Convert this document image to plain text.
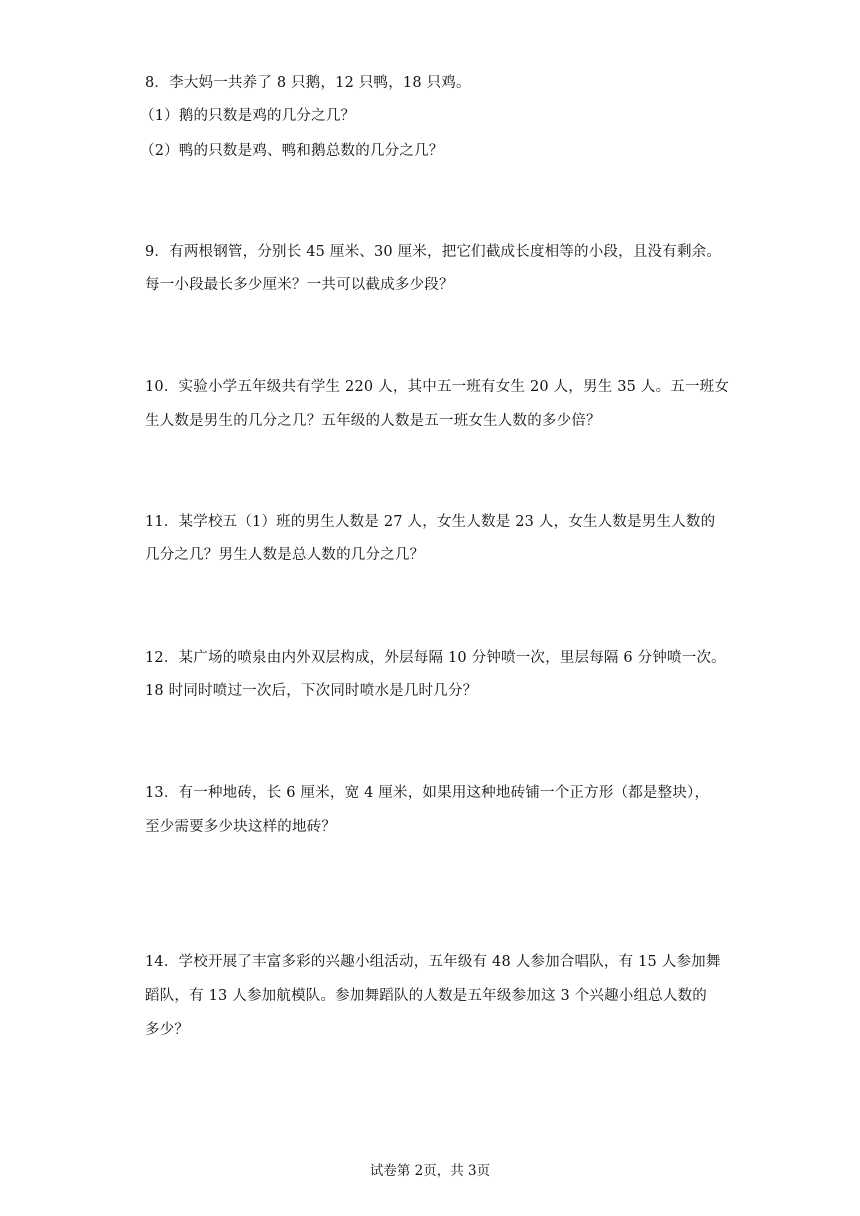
8．李大妈一共养了 8 只鹅，12 只鸭，18 只鸡。
（1）鹅的只数是鸡的几分之几？
（2）鸭的只数是鸡、鸭和鹅总数的几分之几？
9．有两根钢管，分别长 45 厘米、30 厘米，把它们截成长度相等的小段，且没有剩余。
每一小段最长多少厘米？一共可以截成多少段？
10．实验小学五年级共有学生 220 人，其中五一班有女生 20 人，男生 35 人。五一班女
生人数是男生的几分之几？五年级的人数是五一班女生人数的多少倍？
11．某学校五（1）班的男生人数是 27 人，女生人数是 23 人，女生人数是男生人数的
几分之几？男生人数是总人数的几分之几？
12．某广场的喷泉由内外双层构成，外层每隔 10 分钟喷一次，里层每隔 6 分钟喷一次。
18 时同时喷过一次后，下次同时喷水是几时几分？
13．有一种地砖，长 6 厘米，宽 4 厘米，如果用这种地砖铺一个正方形（都是整块），
至少需要多少块这样的地砖？
14．学校开展了丰富多彩的兴趣小组活动，五年级有 48 人参加合唱队，有 15 人参加舞
蹈队，有 13 人参加航模队。参加舞蹈队的人数是五年级参加这 3 个兴趣小组总人数的
多少？
试卷第 2页，共 3页
